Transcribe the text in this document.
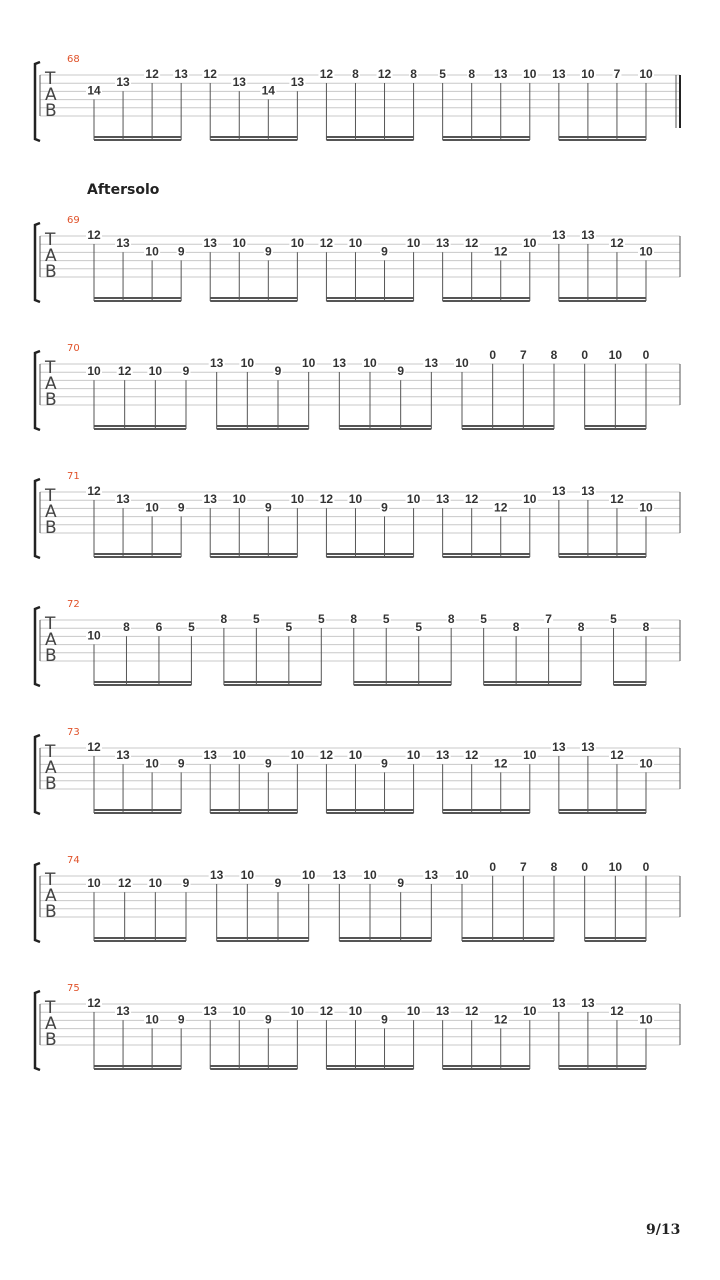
68
T
A
B
14
13
12 13 12
13
14
13
12 8 12 8 5 8 13 10 13 10 7 10
69
T
A
B
12
13
10 9
13 10
9
10 12 10
9
10 13 12
12
10
13 13
12
10
70
T
A
B
10 12 10 9
13 10
9
10 13 10
9
13 10
0 7 8 0 10 0
71
T
A
B
12
13
10 9
13 10
9
10 12 10
9
10 13 12
12
10
13 13
12
10
72
T
A
B
10
8 6 5
8 5
5
5 8 5
5
8 5
8
7
8
5
8
73
T
A
B
12
13
10 9
13 10
9
10 12 10
9
10 13 12
12
10
13 13
12
10
74
T
A
B
10 12 10 9
13 10
9
10 13 10
9
13 10
0 7 8 0 10 0
75
T
A
B
12
13
10 9
13 10
9
10 12 10
9
10 13 12
12
10
13 13
12
10
Aftersolo
9/13
